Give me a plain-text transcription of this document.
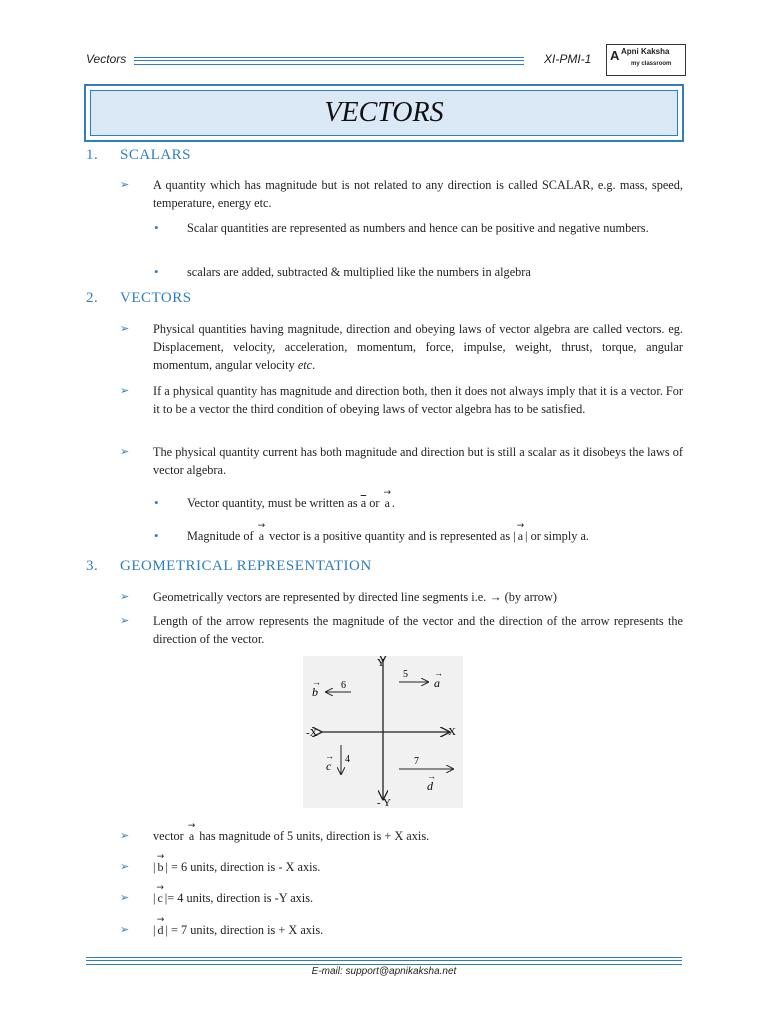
Vectors	XI-PMI-1 A Apni Kaksha
my classroom
VECTORS
1. SCALARS
➢ A quantity which has magnitude but is not related to any direction is called SCALAR, e.g. mass, speed, temperature, energy etc.
• Scalar quantities are represented as numbers and hence can be positive and negative numbers.
• scalars are added, subtracted & multiplied like the numbers in algebra
2. VECTORS
➢ Physical quantities having magnitude, direction and obeying laws of vector algebra are called vectors. eg. Displacement, velocity, acceleration, momentum, force, impulse, weight, thrust, torque, angular momentum, angular velocity etc.
➢ If a physical quantity has magnitude and direction both, then it does not always imply that it is a vector. For it to be a vector the third condition of obeying laws of vector algebra has to be satisfied.
➢ The physical quantity current has both magnitude and direction but is still a scalar as it disobeys the laws of vector algebra.
• Vector quantity, must be written as $\overline{a}$ or → a .
• Magnitude of → a vector is a positive quantity and is represented as | → a | or simply a.
3. GEOMETRICAL REPRESENTATION
➢ Geometrically vectors are represented by directed line segments i.e. → (by arrow)
➢ Length of the arrow represents the magnitude of the vector and the direction of the arrow represents the direction of the vector.
Y
- Y
X
-X
5
a
→
6
b
→
4
c
→	7
d
→
➢ vector → a has magnitude of 5 units, direction is + X axis.
➢ | → b | = 6 units, direction is - X axis.
➢ | → c |= 4 units, direction is -Y axis.
➢ | → d | = 7 units, direction is + X axis.
E-mail: support@apnikaksha.net
